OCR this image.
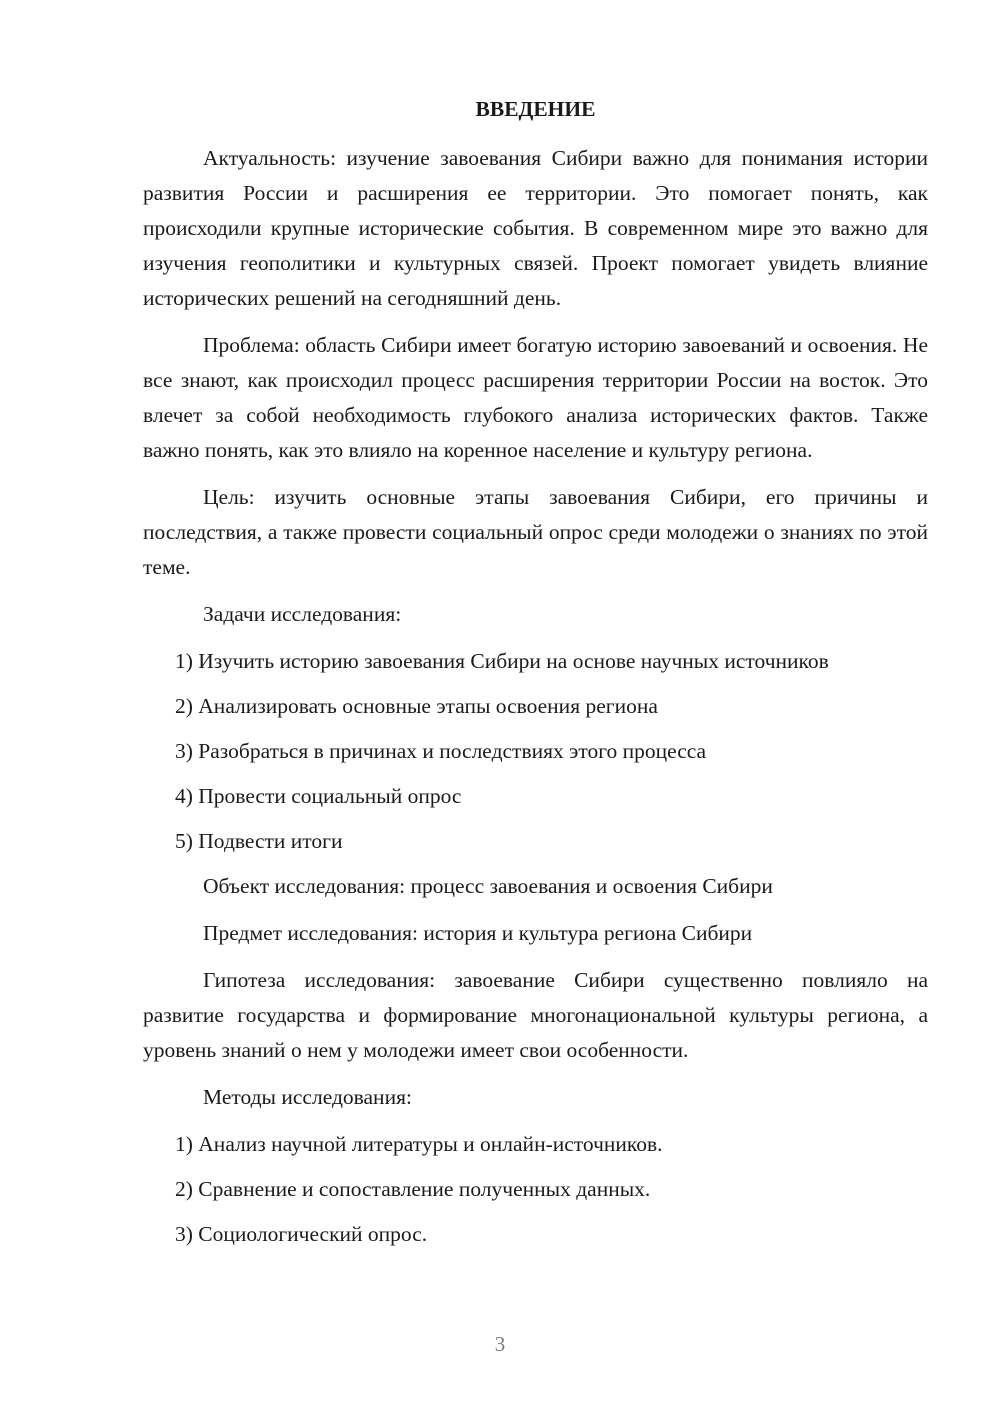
ВВЕДЕНИЕ

Актуальность: изучение завоевания Сибири важно для понимания истории развития России и расширения ее территории. Это помогает понять, как происходили крупные исторические события. В современном мире это важно для изучения геополитики и культурных связей. Проект помогает увидеть влияние исторических решений на сегодняшний день.

Проблема: область Сибири имеет богатую историю завоеваний и освоения. Не все знают, как происходил процесс расширения территории России на восток. Это влечет за собой необходимость глубокого анализа исторических фактов. Также важно понять, как это влияло на коренное население и культуру региона.

Цель: изучить основные этапы завоевания Сибири, его причины и последствия, а также провести социальный опрос среди молодежи о знаниях по этой теме.

Задачи исследования:

1) Изучить историю завоевания Сибири на основе научных источников

2) Анализировать основные этапы освоения региона

3) Разобраться в причинах и последствиях этого процесса

4) Провести социальный опрос

5) Подвести итоги

Объект исследования: процесс завоевания и освоения Сибири

Предмет исследования: история и культура региона Сибири

Гипотеза исследования: завоевание Сибири существенно повлияло на развитие государства и формирование многонациональной культуры региона, а уровень знаний о нем у молодежи имеет свои особенности.

Методы исследования:

1) Анализ научной литературы и онлайн-источников.

2) Сравнение и сопоставление полученных данных.

3) Социологический опрос.

3
